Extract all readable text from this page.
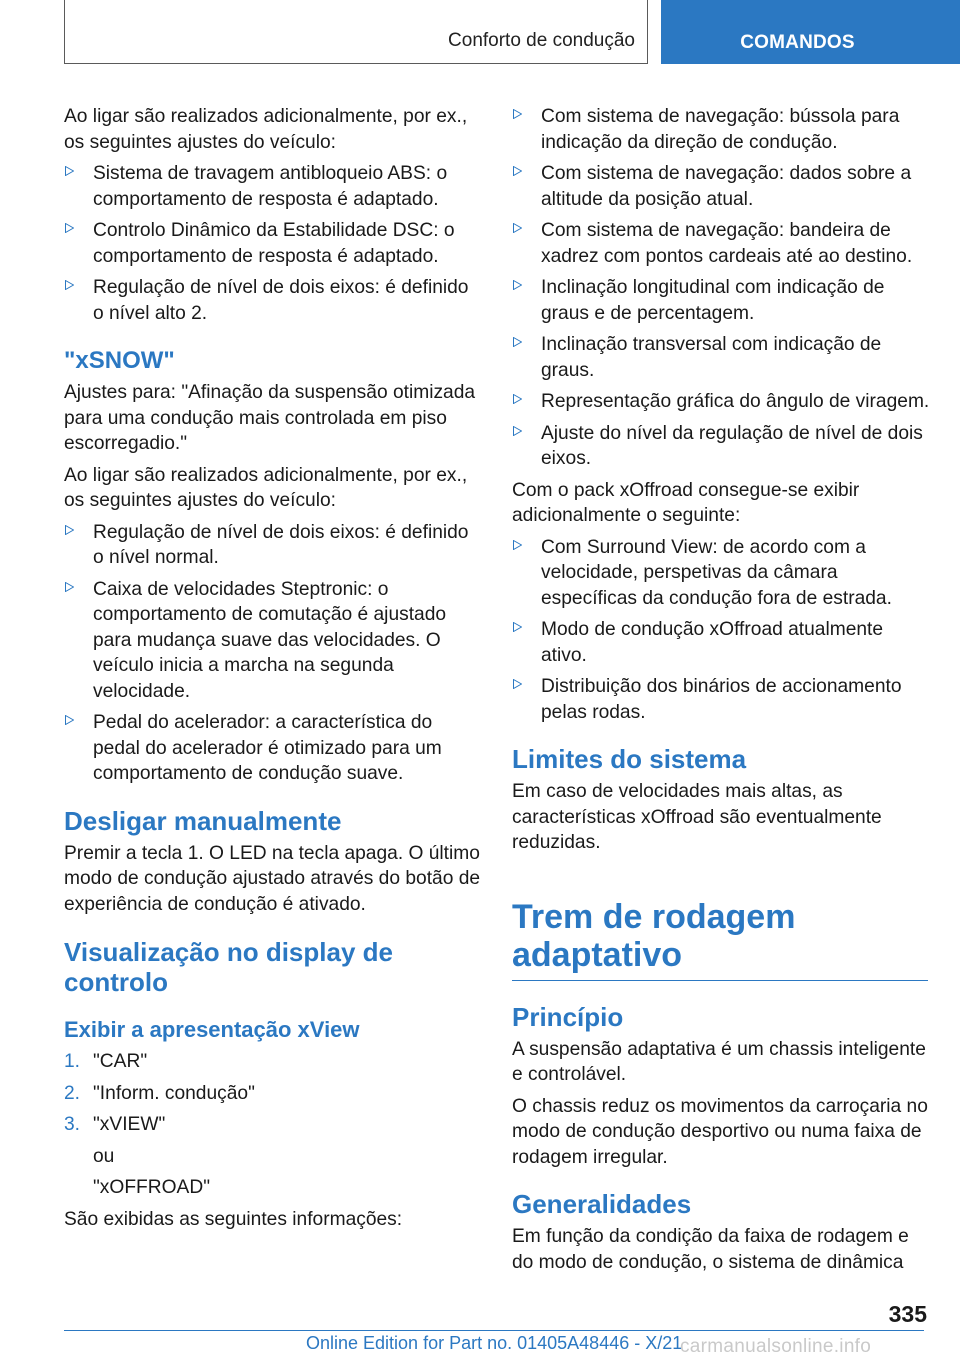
Conforto de condução	COMANDOS

Ao ligar são realizados adicionalmente, por ex., os seguintes ajustes do veículo:

Sistema de travagem antibloqueio ABS: o comportamento de resposta é adaptado.
Controlo Dinâmico da Estabilidade DSC: o comportamento de resposta é adaptado.
Regulação de nível de dois eixos: é definido o nível alto 2.
"xSNOW"

Ajustes para: "Afinação da suspensão otimizada para uma condução mais controlada em piso escorregadio."

Ao ligar são realizados adicionalmente, por ex., os seguintes ajustes do veículo:

Regulação de nível de dois eixos: é definido o nível normal.
Caixa de velocidades Steptronic: o comportamento de comutação é ajustado para mudança suave das velocidades. O veículo inicia a marcha na segunda velocidade.
Pedal do acelerador: a característica do pedal do acelerador é otimizado para um comportamento de condução suave.
Desligar manualmente

Premir a tecla 1. O LED na tecla apaga. O último modo de condução ajustado através do botão de experiência de condução é ativado.

Visualização no display de controlo
Exibir a apresentação xView
1. "CAR"
2. "Inform. condução"
3. "xVIEW"
ou
"xOFFROAD"

São exibidas as seguintes informações:

Com sistema de navegação: bússola para indicação da direção de condução.
Com sistema de navegação: dados sobre a altitude da posição atual.
Com sistema de navegação: bandeira de xadrez com pontos cardeais até ao destino.
Inclinação longitudinal com indicação de graus e de percentagem.
Inclinação transversal com indicação de graus.
Representação gráfica do ângulo de viragem.
Ajuste do nível da regulação de nível de dois eixos.

Com o pack xOffroad consegue-se exibir adicionalmente o seguinte:

Com Surround View: de acordo com a velocidade, perspetivas da câmara específicas da condução fora de estrada.
Modo de condução xOffroad atualmente ativo.
Distribuição dos binários de accionamento pelas rodas.
Limites do sistema

Em caso de velocidades mais altas, as características xOffroad são eventualmente reduzidas.

Trem de rodagem adaptativo
Princípio

A suspensão adaptativa é um chassis inteligente e controlável.

O chassis reduz os movimentos da carroçaria no modo de condução desportivo ou numa faixa de rodagem irregular.

Generalidades

Em função da condição da faixa de rodagem e do modo de condução, o sistema de dinâmica

335
Online Edition for Part no. 01405A48446 - X/21
carmanualsonline.info
